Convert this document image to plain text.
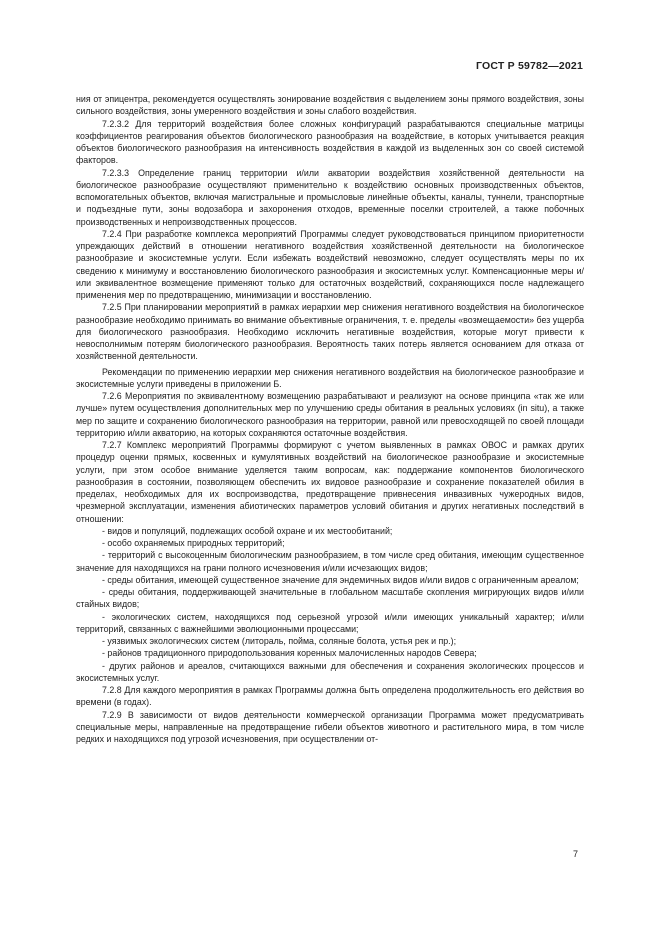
ГОСТ Р 59782—2021

ния от эпицентра, рекомендуется осуществлять зонирование воздействия с выделением зоны прямого воздействия, зоны сильного воздействия, зоны умеренного воздействия и зоны слабого воздействия.

7.2.3.2 Для территорий воздействия более сложных конфигураций разрабатываются специальные матрицы коэффициентов реагирования объектов биологического разнообразия на воздействие, в которых учитывается реакция объектов биологического разнообразия на интенсивность воздействия в каждой из выделенных зон со своей системой факторов.

7.2.3.3 Определение границ территории и/или акватории воздействия хозяйственной деятельности на биологическое разнообразие осуществляют применительно к воздействию основных производственных объектов, вспомогательных объектов, включая магистральные и промысловые линейные объекты, каналы, туннели, транспортные и подъездные пути, зоны водозабора и захоронения отходов, временные поселки строителей, а также побочных производственных и непроизводственных процессов.

7.2.4 При разработке комплекса мероприятий Программы следует руководствоваться принципом приоритетности упреждающих действий в отношении негативного воздействия хозяйственной деятельности на биологическое разнообразие и экосистемные услуги. Если избежать воздействий невозможно, следует осуществлять меры по их сведению к минимуму и восстановлению биологического разнообразия и экосистемных услуг. Компенсационные меры и/или эквивалентное возмещение применяют только для остаточных воздействий, сохраняющихся после надлежащего применения мер по предотвращению, минимизации и восстановлению.

7.2.5 При планировании мероприятий в рамках иерархии мер снижения негативного воздействия на биологическое разнообразие необходимо принимать во внимание объективные ограничения, т. е. пределы «возмещаемости» без ущерба для биологического разнообразия. Необходимо исключить негативные воздействия, которые могут привести к невосполнимым потерям биологического разнообразия. Вероятность таких потерь является основанием для отказа от хозяйственной деятельности.

Рекомендации по применению иерархии мер снижения негативного воздействия на биологическое разнообразие и экосистемные услуги приведены в приложении Б.

7.2.6 Мероприятия по эквивалентному возмещению разрабатывают и реализуют на основе принципа «так же или лучше» путем осуществления дополнительных мер по улучшению среды обитания в реальных условиях (in situ), а также мер по защите и сохранению биологического разнообразия на территории, равной или превосходящей по своей площади территорию и/или акваторию, на которых сохраняются остаточные воздействия.

7.2.7 Комплекс мероприятий Программы формируют с учетом выявленных в рамках ОВОС и рамках других процедур оценки прямых, косвенных и кумулятивных воздействий на биологическое разнообразие и экосистемные услуги, при этом особое внимание уделяется таким вопросам, как: поддержание компонентов биологического разнообразия в состоянии, позволяющем обеспечить их видовое разнообразие и сохранение показателей обилия в пределах, необходимых для их воспроизводства, предотвращение привнесения инвазивных чужеродных видов, чрезмерной эксплуатации, изменения абиотических параметров условий обитания и других негативных последствий в отношении:

- видов и популяций, подлежащих особой охране и их местообитаний;

- особо охраняемых природных территорий;

- территорий с высокоценным биологическим разнообразием, в том числе сред обитания, имеющим существенное значение для находящихся на грани полного исчезновения и/или исчезающих видов;

- среды обитания, имеющей существенное значение для эндемичных видов и/или видов с ограниченным ареалом;

- среды обитания, поддерживающей значительные в глобальном масштабе скопления мигрирующих видов и/или стайных видов;

- экологических систем, находящихся под серьезной угрозой и/или имеющих уникальный характер; и/или территорий, связанных с важнейшими эволюционными процессами;

- уязвимых экологических систем (литораль, пойма, соляные болота, устья рек и пр.);

- районов традиционного природопользования коренных малочисленных народов Севера;

- других районов и ареалов, считающихся важными для обеспечения и сохранения экологических процессов и экосистемных услуг.

7.2.8 Для каждого мероприятия в рамках Программы должна быть определена продолжительность его действия во времени (в годах).

7.2.9 В зависимости от видов деятельности коммерческой организации Программа может предусматривать специальные меры, направленные на предотвращение гибели объектов животного и растительного мира, в том числе редких и находящихся под угрозой исчезновения, при осуществлении от-

7
